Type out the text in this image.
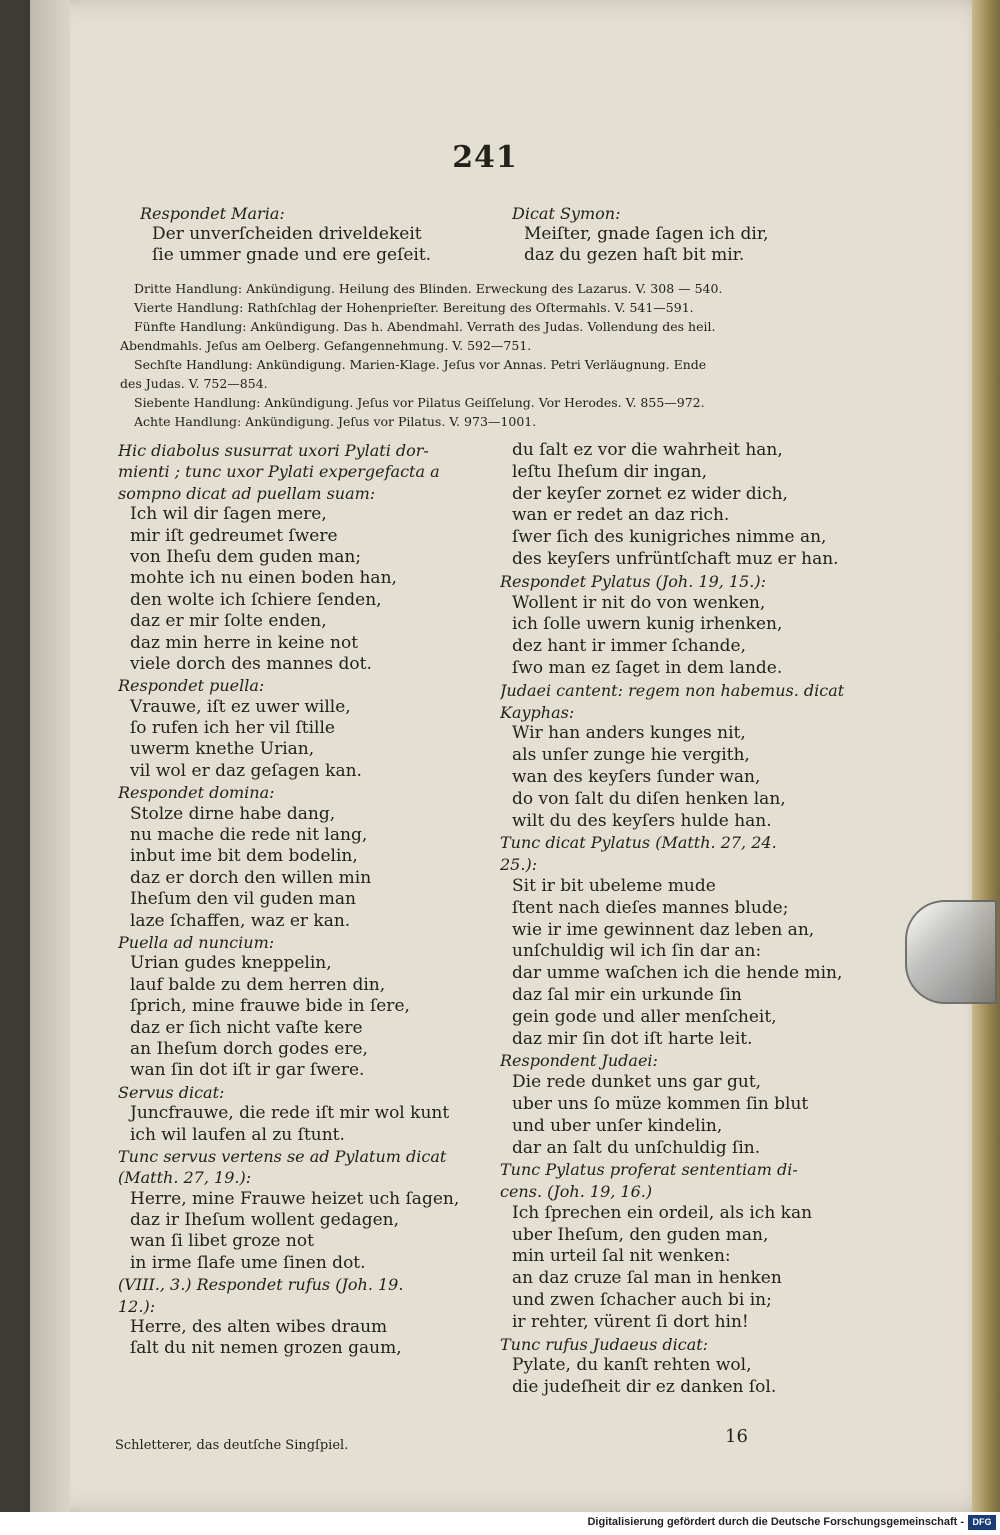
241
Respondet Maria:
Der unverſcheiden driveldekeit
ſie ummer gnade und ere geſeit.
Dicat Symon:
Meiſter, gnade ſagen ich dir,
daz du gezen haſt bit mir.
Dritte Handlung: Ankündigung. Heilung des Blinden. Erweckung des Lazarus. V. 308 — 540.
Vierte Handlung: Rathſchlag der Hohenprieſter. Bereitung des Oſtermahls. V. 541—591.
Fünfte Handlung: Ankündigung. Das h. Abendmahl. Verrath des Judas. Vollendung des heil.
Abendmahls. Jeſus am Oelberg. Gefangennehmung. V. 592—751.
Sechſte Handlung: Ankündigung. Marien-Klage. Jeſus vor Annas. Petri Verläugnung. Ende
des Judas. V. 752—854.
Siebente Handlung: Ankündigung. Jeſus vor Pilatus Geiſſelung. Vor Herodes. V. 855—972.
Achte Handlung: Ankündigung. Jeſus vor Pilatus. V. 973—1001.
Hic diabolus susurrat uxori Pylati dor-
mienti ; tunc uxor Pylati expergefacta a
sompno dicat ad puellam suam:
Ich wil dir ſagen mere,
mir iſt gedreumet ſwere
von Iheſu dem guden man;
mohte ich nu einen boden han,
den wolte ich ſchiere ſenden,
daz er mir ſolte enden,
daz min herre in keine not
viele dorch des mannes dot.
Respondet puella:
Vrauwe, iſt ez uwer wille,
ſo rufen ich her vil ſtille
uwerm knethe Urian,
vil wol er daz geſagen kan.
Respondet domina:
Stolze dirne habe dang,
nu mache die rede nit lang,
inbut ime bit dem bodelin,
daz er dorch den willen min
Iheſum den vil guden man
laze ſchaffen, waz er kan.
Puella ad nuncium:
Urian gudes kneppelin,
lauf balde zu dem herren din,
ſprich, mine frauwe bide in ſere,
daz er ſich nicht vaſte kere
an Iheſum dorch godes ere,
wan ſin dot iſt ir gar ſwere.
Servus dicat:
Juncfrauwe, die rede iſt mir wol kunt
ich wil laufen al zu ſtunt.
Tunc servus vertens se ad Pylatum dicat
(Matth. 27, 19.):
Herre, mine Frauwe heizet uch ſagen,
daz ir Iheſum wollent gedagen,
wan ſi libet groze not
in irme ſlafe ume ſinen dot.
(VIII., 3.) Respondet rufus (Joh. 19.
12.):
Herre, des alten wibes draum
ſalt du nit nemen grozen gaum,
du ſalt ez vor die wahrheit han,
leſtu Iheſum dir ingan,
der keyſer zornet ez wider dich,
wan er redet an daz rich.
ſwer ſich des kunigriches nimme an,
des keyſers unfrüntſchaft muz er han.
Respondet Pylatus (Joh. 19, 15.):
Wollent ir nit do von wenken,
ich ſolle uwern kunig irhenken,
dez hant ir immer ſchande,
ſwo man ez ſaget in dem lande.
Judaei cantent: regem non habemus. dicat
Kayphas:
Wir han anders kunges nit,
als unſer zunge hie vergith,
wan des keyſers ſunder wan,
do von ſalt du diſen henken lan,
wilt du des keyſers hulde han.
Tunc dicat Pylatus (Matth. 27, 24.
25.):
Sit ir bit ubeleme mude
ſtent nach dieſes mannes blude;
wie ir ime gewinnent daz leben an,
unſchuldig wil ich ſin dar an:
dar umme waſchen ich die hende min,
daz ſal mir ein urkunde ſin
gein gode und aller menſcheit,
daz mir ſin dot iſt harte leit.
Respondent Judaei:
Die rede dunket uns gar gut,
uber uns ſo müze kommen ſin blut
und uber unſer kindelin,
dar an ſalt du unſchuldig ſin.
Tunc Pylatus proferat sententiam di-
cens. (Joh. 19, 16.)
Ich ſprechen ein ordeil, als ich kan
uber Iheſum, den guden man,
min urteil ſal nit wenken:
an daz cruze ſal man in henken
und zwen ſchacher auch bi in;
ir rehter, vürent ſi dort hin!
Tunc rufus Judaeus dicat:
Pylate, du kanſt rehten wol,
die judeſheit dir ez danken ſol.
Schletterer, das deutſche Singſpiel.	16
Digitalisierung gefördert durch die Deutsche Forschungsgemeinschaft - DFG
